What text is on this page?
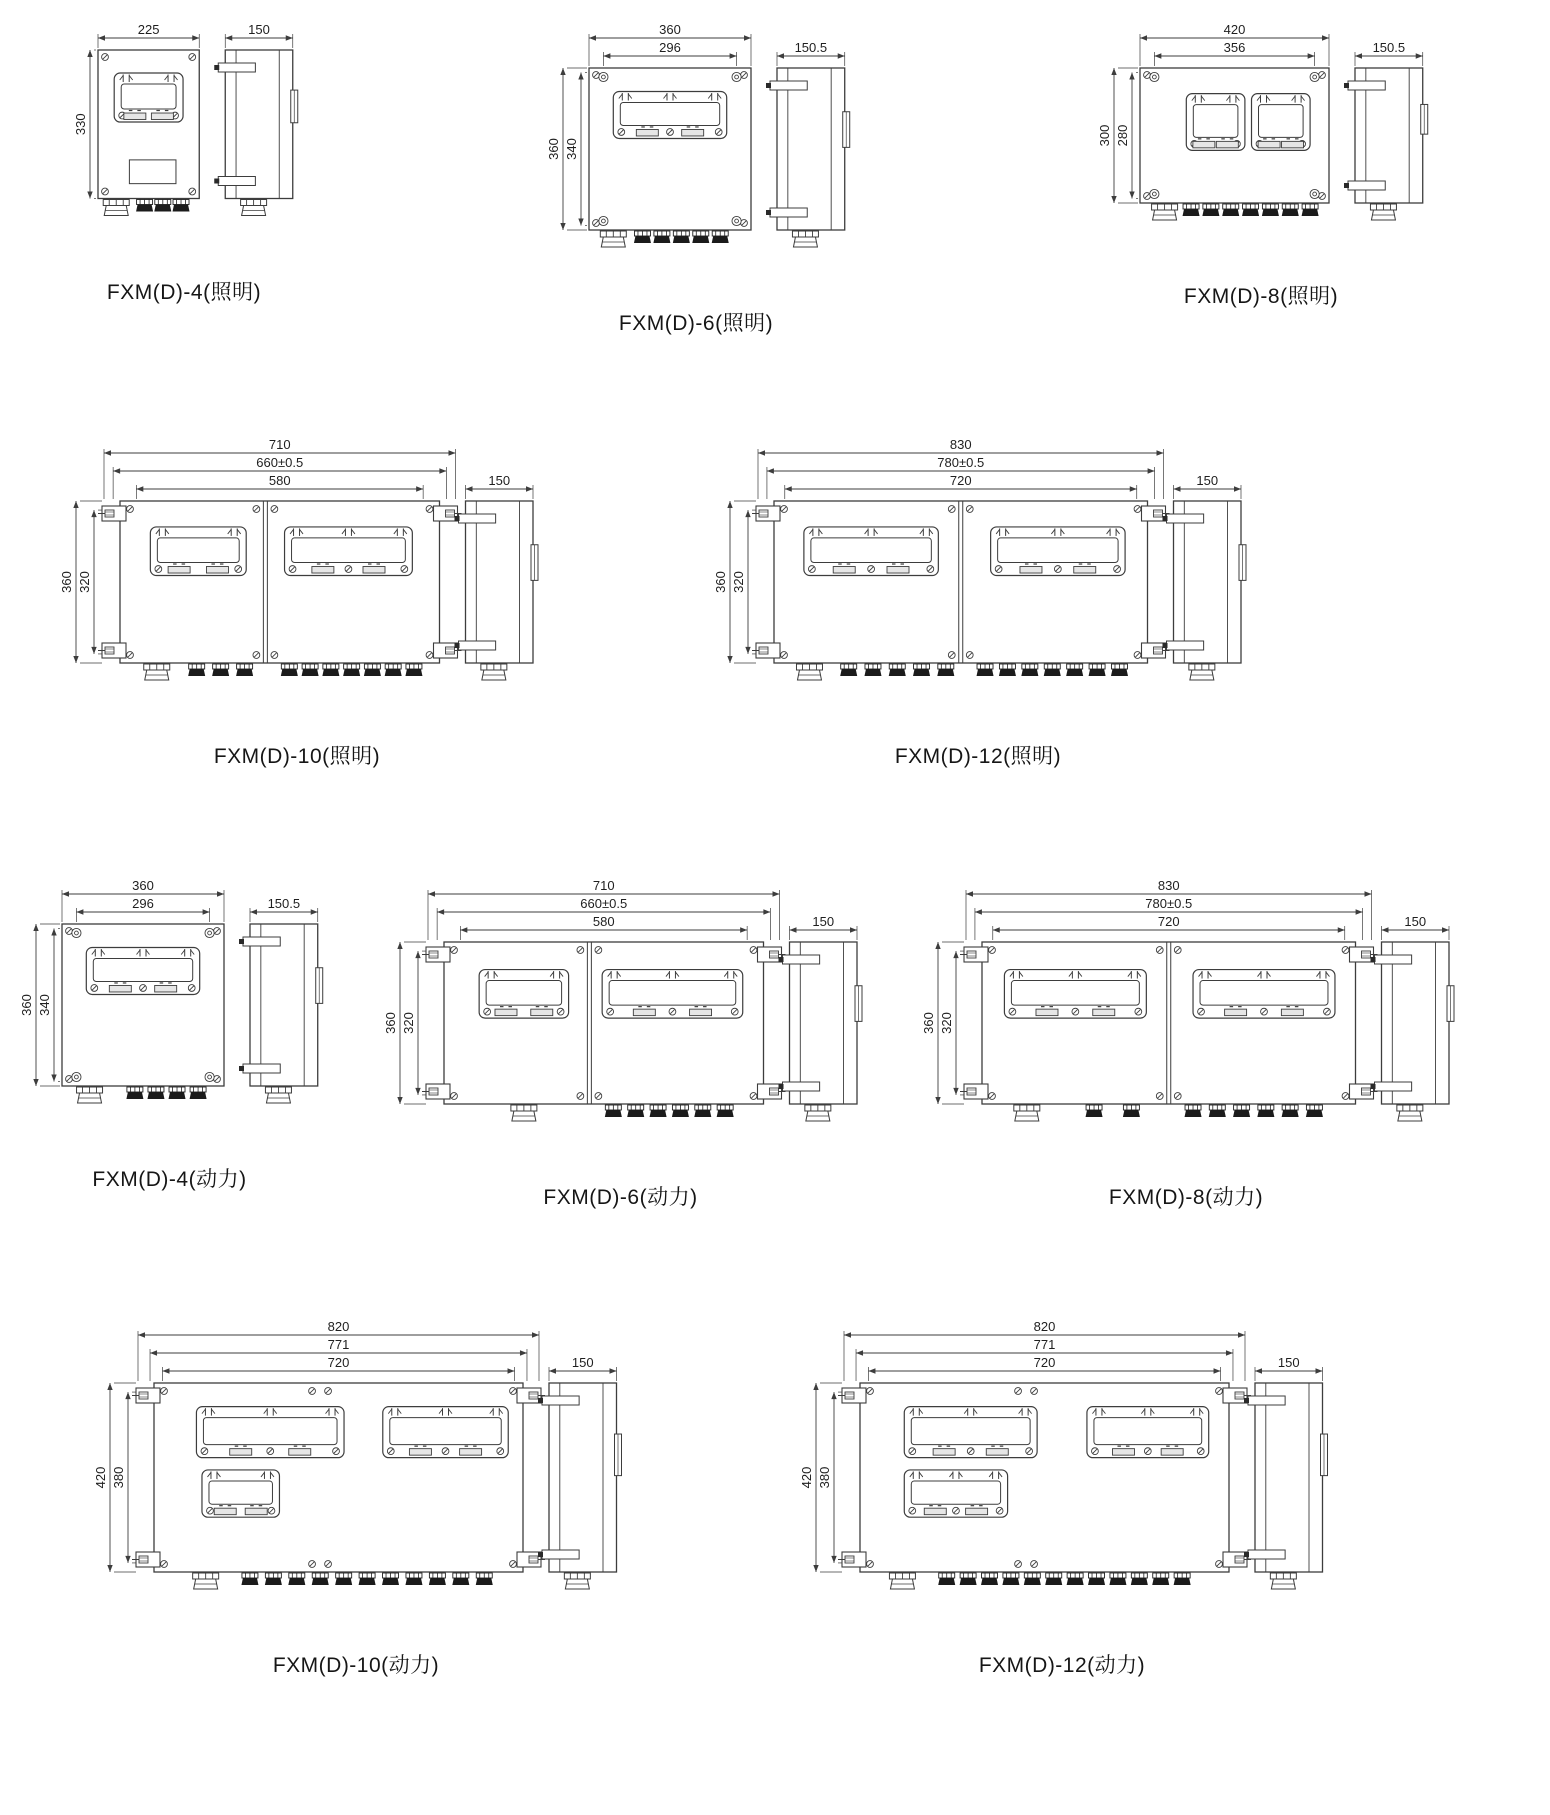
225
330
150
FXM(D)-4(照明)
360
296
360 340
150.5
FXM(D)-6(照明)
420
356
300 280
150.5
FXM(D)-8(照明)
710
660±0.5
580
360 320
150
FXM(D)-10(照明)
830
780±0.5
720
360 320
150
FXM(D)-12(照明)
360
296
360 340
150.5
FXM(D)-4(动力)
710
660±0.5
580
360 320
150
FXM(D)-6(动力)
830
780±0.5
720
360 320
150
FXM(D)-8(动力)
820
771
720
420 380
150
FXM(D)-10(动力)
820
771
720
420 380
150
FXM(D)-12(动力)
